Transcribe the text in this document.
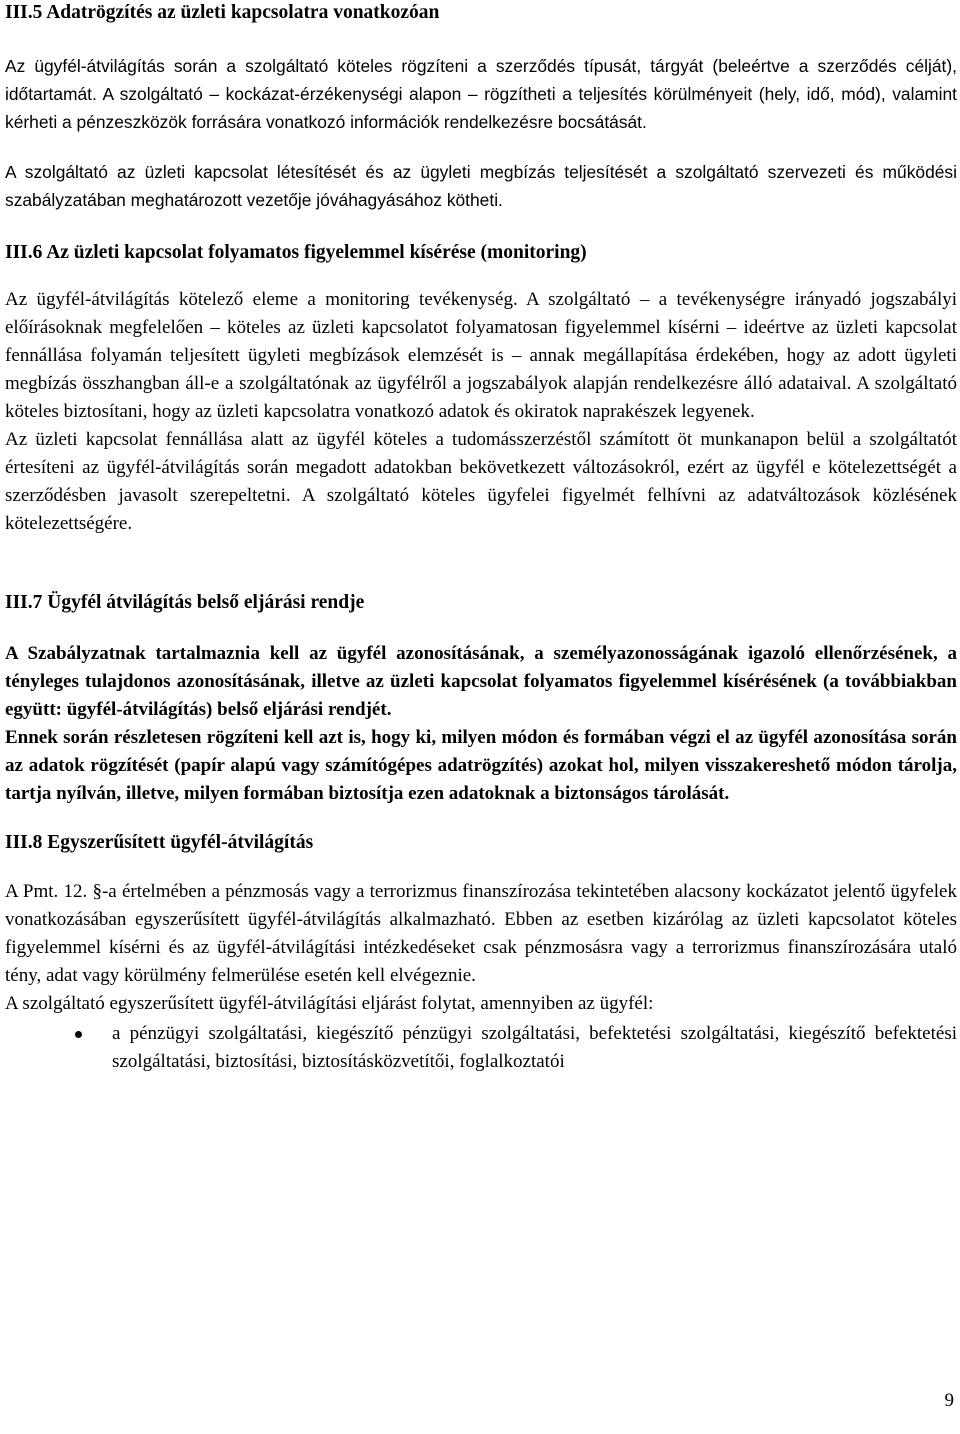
III.5 Adatrögzítés az üzleti kapcsolatra vonatkozóan

Az ügyfél-átvilágítás során a szolgáltató köteles rögzíteni a szerződés típusát, tárgyát (beleértve a szerződés célját), időtartamát. A szolgáltató – kockázat-érzékenységi alapon – rögzítheti a teljesítés körülményeit (hely, idő, mód), valamint kérheti a pénzeszközök forrására vonatkozó információk rendelkezésre bocsátását.

A szolgáltató az üzleti kapcsolat létesítését és az ügyleti megbízás teljesítését a szolgáltató szervezeti és működési szabályzatában meghatározott vezetője jóváhagyásához kötheti.

III.6 Az üzleti kapcsolat folyamatos figyelemmel kísérése (monitoring)

Az ügyfél-átvilágítás kötelező eleme a monitoring tevékenység. A szolgáltató – a tevékenységre irányadó jogszabályi előírásoknak megfelelően – köteles az üzleti kapcsolatot folyamatosan figyelemmel kísérni – ideértve az üzleti kapcsolat fennállása folyamán teljesített ügyleti megbízások elemzését is – annak megállapítása érdekében, hogy az adott ügyleti megbízás összhangban áll-e a szolgáltatónak az ügyfélről a jogszabályok alapján rendelkezésre álló adataival. A szolgáltató köteles biztosítani, hogy az üzleti kapcsolatra vonatkozó adatok és okiratok naprakészek legyenek.

Az üzleti kapcsolat fennállása alatt az ügyfél köteles a tudomásszerzéstől számított öt munkanapon belül a szolgáltatót értesíteni az ügyfél-átvilágítás során megadott adatokban bekövetkezett változásokról, ezért az ügyfél e kötelezettségét a szerződésben javasolt szerepeltetni. A szolgáltató köteles ügyfelei figyelmét felhívni az adatváltozások közlésének kötelezettségére.

III.7 Ügyfél átvilágítás belső eljárási rendje

A Szabályzatnak tartalmaznia kell az ügyfél azonosításának, a személyazonosságának igazoló ellenőrzésének, a tényleges tulajdonos azonosításának, illetve az üzleti kapcsolat folyamatos figyelemmel kísérésének (a továbbiakban együtt: ügyfél-átvilágítás) belső eljárási rendjét.

Ennek során részletesen rögzíteni kell azt is, hogy ki, milyen módon és formában végzi el az ügyfél azonosítása során az adatok rögzítését (papír alapú vagy számítógépes adatrögzítés) azokat hol, milyen visszakereshető módon tárolja, tartja nyílván, illetve, milyen formában biztosítja ezen adatoknak a biztonságos tárolását.

III.8 Egyszerűsített ügyfél-átvilágítás

A Pmt. 12. §-a értelmében a pénzmosás vagy a terrorizmus finanszírozása tekintetében alacsony kockázatot jelentő ügyfelek vonatkozásában egyszerűsített ügyfél-átvilágítás alkalmazható. Ebben az esetben kizárólag az üzleti kapcsolatot köteles figyelemmel kísérni és az ügyfél-átvilágítási intézkedéseket csak pénzmosásra vagy a terrorizmus finanszírozására utaló tény, adat vagy körülmény felmerülése esetén kell elvégeznie.

A szolgáltató egyszerűsített ügyfél-átvilágítási eljárást folytat, amennyiben az ügyfél:

a pénzügyi szolgáltatási, kiegészítő pénzügyi szolgáltatási, befektetési szolgáltatási, kiegészítő befektetési szolgáltatási, biztosítási, biztosításközvetítői, foglalkoztatói
9
